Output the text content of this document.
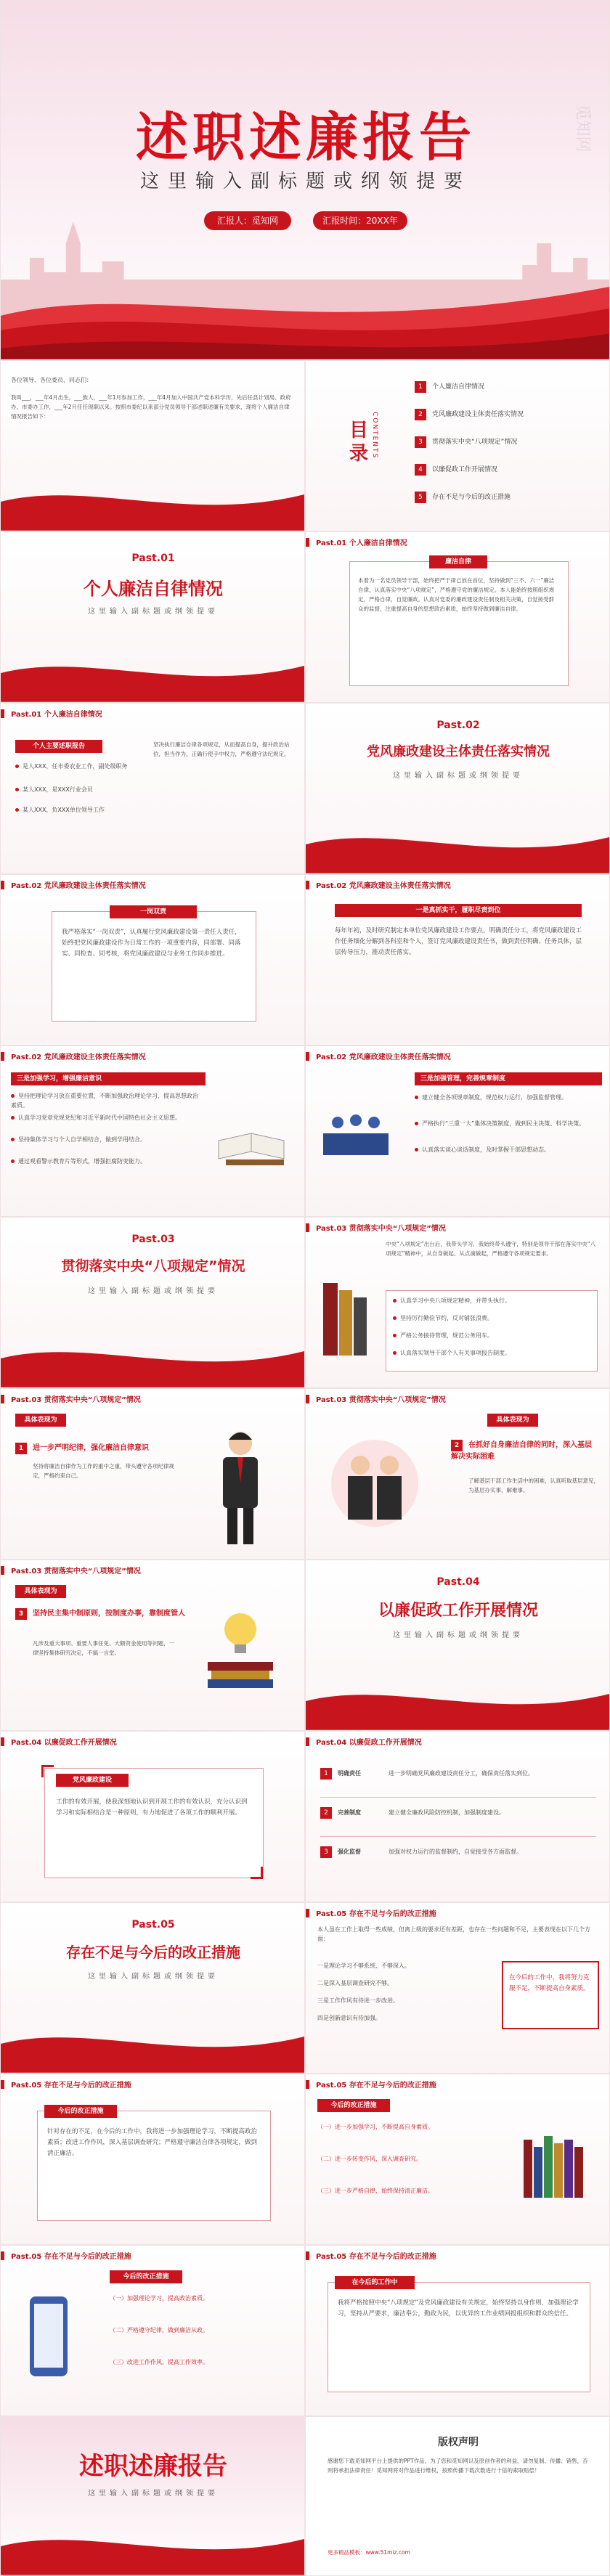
述职述廉报告
这里输入副标题或纲领提要
汇报人：觅知网	汇报时间：20XX年
觅知网
各位领导、各位委员、同志们：
我叫___，___年4月出生，___族人，___年1月参加工作，___年4月加入中国共产党本科学历，先后任县计划局、政府办、市委办工作，___年2月任任现职以来。按照市委纪以来部分党员领导干部述职述廉有关要求，现将个人廉洁自律情况报告如下：
目录 CONTENTS
1 个人廉洁自律情况
2 党风廉政建设主体责任落实情况
3 贯彻落实中央“八项规定”情况
4 以廉促政工作开展情况
5 存在不足与今后的改正措施
Past.01
个人廉洁自律情况
这里输入副标题或纲领提要
Past.01 个人廉洁自律情况
廉洁自律
本着为一名党员领导干部，始终把严于律己放在首位，坚持做到“三不、六一”廉洁自律，认真落实中央“八项规定”，严格遵守党的廉洁规定。本人能始终按照组织规定，严格自律，自觉廉政。认真对党委的廉政建设责任制及相关决策，自觉接受群众的监督，注重提高自身的思想政治素质，始终坚持做到廉洁自律。
Past.01 个人廉洁自律情况
个人主要述职报告
是人XXX，任市委农业工作，副处级职务
某人XXX，是XXX行业会员
某人XXX，负XXX单位领导工作
坚决执行廉洁自律各项规定，从而提高自身，提升政治站位，担当作为。正确行使手中权力，严格遵守法纪规定。
Past.02
党风廉政建设主体责任落实情况
这里输入副标题或纲领提要
Past.02 党风廉政建设主体责任落实情况
一岗双责
我严格落实“一岗双责”，认真履行党风廉政建设第一责任人责任，始终把党风廉政建设作为日常工作的一项重要内容，同部署、同落实、同检查、同考核，将党风廉政建设与业务工作同步推进。
Past.02 党风廉政建设主体责任落实情况
一是真抓实干，履职尽责到位
每年年初，及时研究制定本单位党风廉政建设工作要点，明确责任分工，将党风廉政建设工作任务细化分解到各科室和个人，签订党风廉政建设责任书，做到责任明确、任务具体，层层传导压力，推动责任落实。
Past.02 党风廉政建设主体责任落实情况
三是加强学习，增强廉洁意识
坚持把理论学习放在重要位置，不断加强政治理论学习，提高思想政治素质。
认真学习党章党规党纪和习近平新时代中国特色社会主义思想。
坚持集体学习与个人自学相结合，做到学用结合。
通过观看警示教育片等形式，增强拒腐防变能力。
Past.02 党风廉政建设主体责任落实情况
三是加强管理，完善规章制度
建立健全各项规章制度，规范权力运行，加强监督管理。
严格执行“三重一大”集体决策制度，做到民主决策、科学决策。
认真落实谈心谈话制度，及时掌握干部思想动态。
Past.03
贯彻落实中央“八项规定”情况
这里输入副标题或纲领提要
Past.03 贯彻落实中央“八项规定”情况
中央“八项规定”出台后，我带头学习，我始终带头遵守，特别是领导干部在落实中央“八项规定”精神中，从自身做起、从点滴做起，严格遵守各项规定要求。
认真学习中央八项规定精神，并带头执行。
坚持厉行勤俭节约，反对铺张浪费。
严格公务接待管理，规范公务用车。
认真落实领导干部个人有关事项报告制度。
Past.03 贯彻落实中央“八项规定”情况
具体表现为
1 进一步严明纪律，强化廉洁自律意识
坚持将廉洁自律作为工作的重中之重，带头遵守各项纪律规定，严格约束自己。
Past.03 贯彻落实中央“八项规定”情况
具体表现为
2 在抓好自身廉洁自律的同时，深入基层解决实际困难
了解基层干部工作生活中的困难，认真听取基层意见，为基层办实事、解难事。
Past.03 贯彻落实中央“八项规定”情况
具体表现为
3 坚持民主集中制原则，按制度办事，靠制度管人
凡涉及重大事项、重要人事任免、大额资金使用等问题，一律坚持集体研究决定，不搞一言堂。
Past.04
以廉促政工作开展情况
这里输入副标题或纲领提要
Past.04 以廉促政工作开展情况
党风廉政建设
工作的有效开展，使我深刻地认识到开展工作的有效认识，充分认识到学习和实际相结合是一种原则，有力地促进了各项工作的顺利开展。
Past.04 以廉促政工作开展情况
1 明确责任	进一步明确党风廉政建设责任分工，确保责任落实到位。
2 完善制度	建立健全廉政风险防控机制，加强制度建设。
3 强化监督	加强对权力运行的监督制约，自觉接受各方面监督。
Past.05
存在不足与今后的改正措施
这里输入副标题或纲领提要
Past.05 存在不足与今后的改正措施
本人虽在工作上取得一些成绩，但离上级的要求还有差距，也存在一些问题和不足，主要表现在以下几个方面：
一是理论学习不够系统、不够深入。
二是深入基层调查研究不够。
三是工作作风有待进一步改进。
四是创新意识有待加强。
在今后的工作中，我将努力克服不足，不断提高自身素质。
Past.05 存在不足与今后的改正措施
今后的改正措施
针对存在的不足，在今后的工作中，我将进一步加强理论学习，不断提高政治素质；改进工作作风，深入基层调查研究；严格遵守廉洁自律各项规定，做到清正廉洁。
Past.05 存在不足与今后的改正措施
今后的改正措施
（一）进一步加强学习，不断提高自身素质。
（二）进一步转变作风，深入调查研究。
（三）进一步严格自律，始终保持清正廉洁。
Past.05 存在不足与今后的改正措施
今后的改正措施
（一）加强理论学习，提高政治素质。
（二）严格遵守纪律，做到廉洁从政。
（三）改进工作作风，提高工作效率。
Past.05 存在不足与今后的改正措施
在今后的工作中
我将严格按照中央“八项规定”及党风廉政建设有关规定，始终坚持以身作则，加强理论学习，坚持从严要求，廉洁奉公，勤政为民，以优异的工作业绩回报组织和群众的信任。
述职述廉报告
这里输入副标题或纲领提要
版权声明
感谢您下载觅知网平台上提供的PPT作品，为了您和觅知网以及原创作者的利益，请勿复制、传播、销售，否则将承担法律责任！觅知网将对作品进行维权，按照传播下载次数进行十倍的索取赔偿！
更多精品模板：www.51miz.com
